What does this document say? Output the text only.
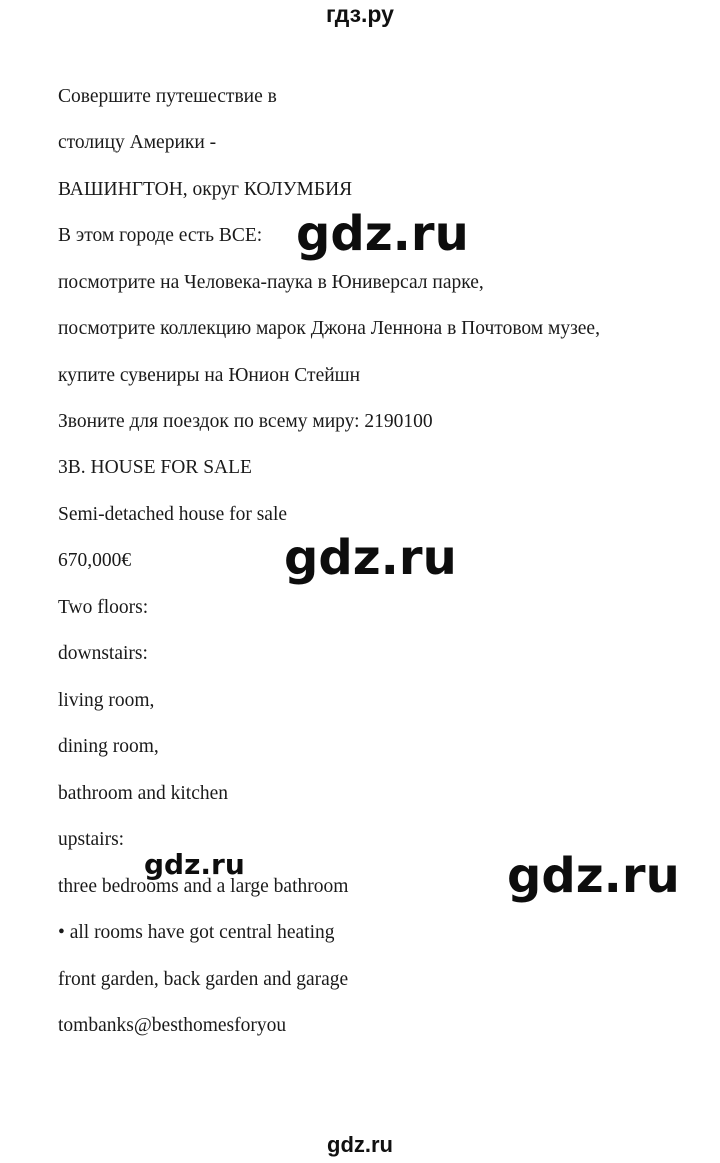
гдз.ру
Совершите путешествие в
столицу Америки -
ВАШИНГТОН, округ КОЛУМБИЯ
В этом городе есть ВСЕ:
посмотрите на Человека-паука в Юниверсал парке,
посмотрите коллекцию марок Джона Леннона в Почтовом музее,
купите сувениры на Юнион Стейшн
Звоните для поездок по всему миру: 2190100
3B. HOUSE FOR SALE
Semi-detached house for sale
670,000€
Two floors:
downstairs:
living room,
dining room,
bathroom and kitchen
upstairs:
three bedrooms and a large bathroom
• all rooms have got central heating
front garden, back garden and garage
tombanks@besthomesforyou
gdz.ru
gdz.ru
gdz.ru	gdz.ru
gdz.ru
